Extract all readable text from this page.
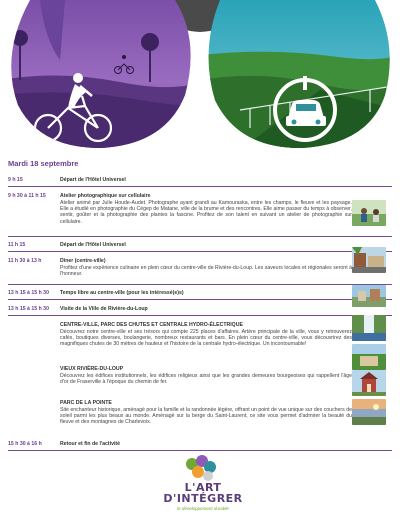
Mardi 18 septembre
9 h 15	Départ de l'Hôtel Universel
9 h 30 à 11 h 15	Atelier photographique sur cellulaire
Atelier animé par Julie Houde-Audet. Photographe ayant grandi au Kamouraska, entre les champs, le fleuve et les paysage. Elle a étudié en photographie du Cégep de Matane, ville de la brume et des rencontres. Elle aime passer du temps à observer, sentir, goûter et la photographie des plantes la fascine. Profitez de son talent en suivant un atelier de photographie sur cellulaire.
11 h 15	Départ de l'Hôtel Universel
11 h 30 à 13 h	Dîner (centre-ville)
Profitez d'une expérience culinaire en plein cœur du centre-ville de Rivière-du-Loup. Les saveurs locales et régionales seront à l'honneur.
13 h 15 à 15 h 30	Temps libre au centre-ville (pour les intéressé(e)s)
13 h 15 à 15 h 30	Visite de la Ville de Rivière-du-Loup
CENTRE-VILLE, PARC DES CHUTES ET CENTRALE HYDRO-ÉLECTRIQUE
Découvrez notre centre-ville et ses trésors qui compte 225 places d'affaires. Artère principale de la ville, vous y retrouverez cafés, boutiques diverses, boulangerie, nombreux restaurants et bars. En plein cœur du centre-ville, vous découvrirez des magnifiques chutes de 30 mètres de hauteur et l'histoire de la centrale hydro-électrique. Un incontournable!
VIEUX RIVIÈRE-DU-LOUP
Découvrez les édifices institutionnels, les édifices religieux ainsi que les grandes demeures bourgeoises qui rappellent l'âge d'or de Fraserville à l'époque du chemin de fer.
PARC DE LA POINTE
Site enchanteur historique, aménagé pour la famille et la randonnée légère, offrant un point de vue unique sur des couchers de soleil parmi les plus beaux au monde. Aménagé sur la berge du Saint-Laurent, ce site vous permet d'admirer la beauté du fleuve et des montagnes de Charlevoix.
15 h 30 à 16 h	Retour et fin de l'activité
L'ART
D'INTÉGRER
le développement durable
